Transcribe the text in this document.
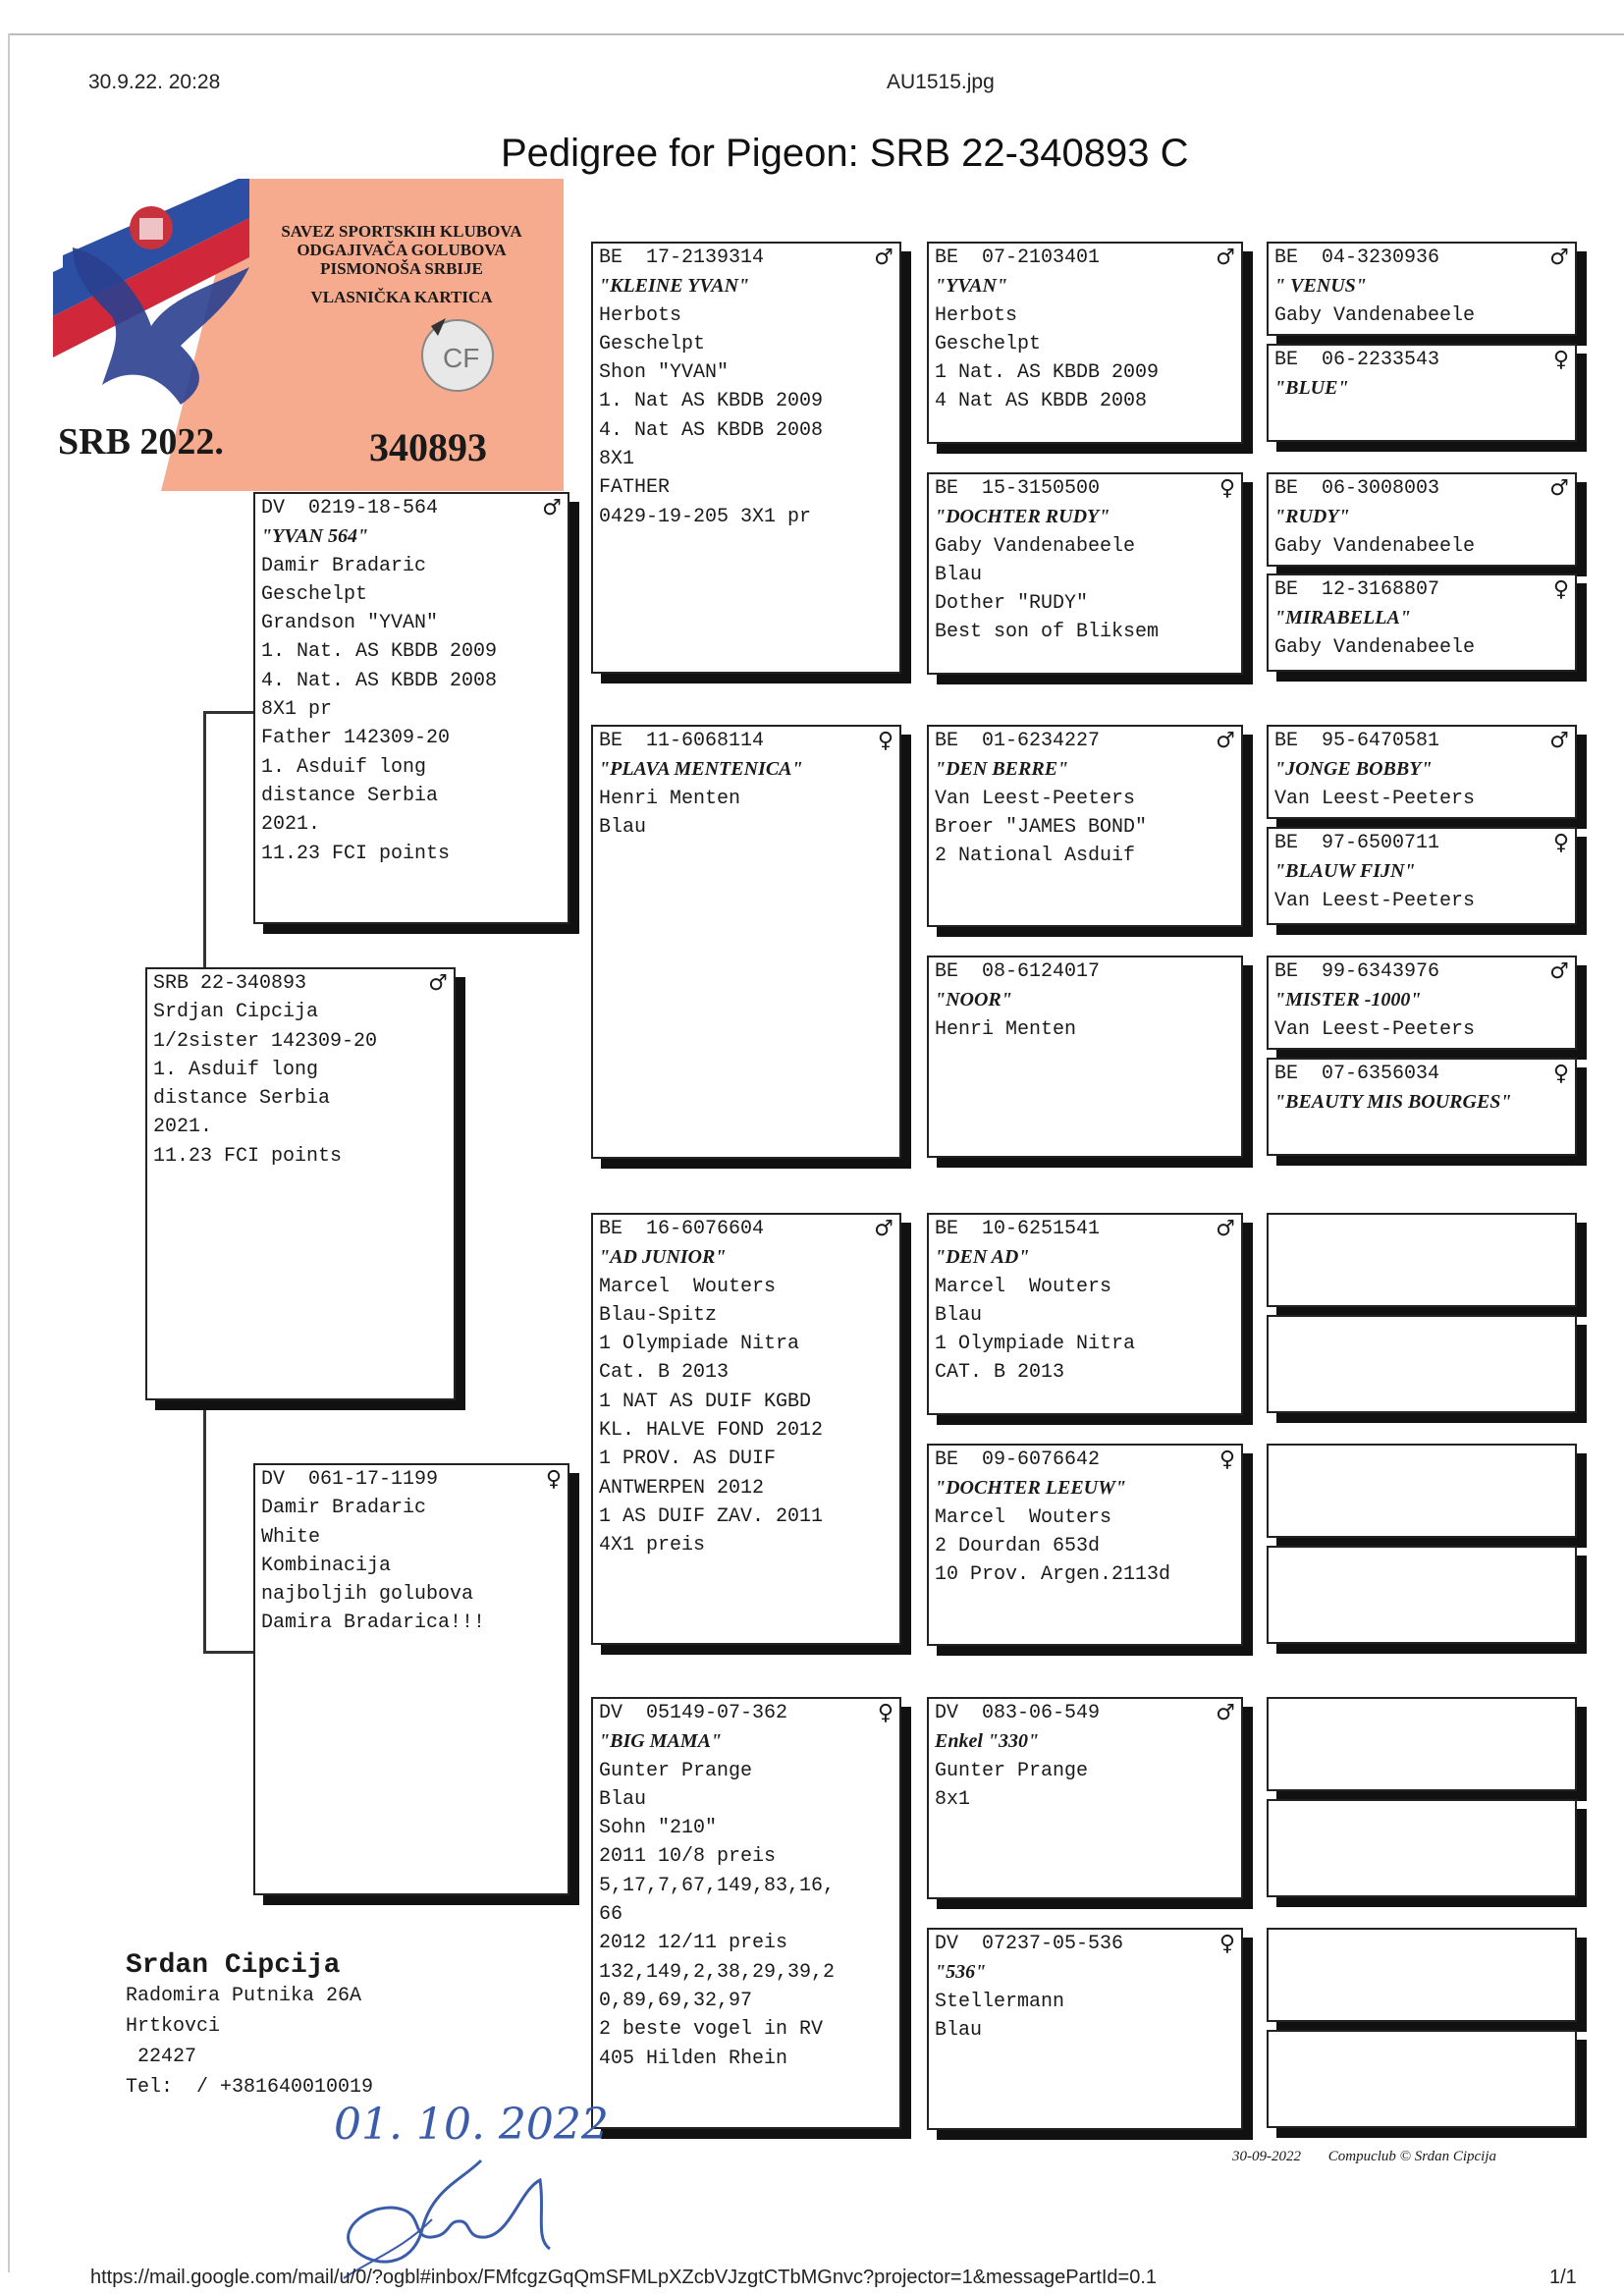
30.9.22. 20:28	AU1515.jpg
Pedigree for Pigeon: SRB 22-340893 C
CF
SAVEZ SPORTSKIH KLUBOVA
ODGAJIVAČA GOLUBOVA
PISMONOŠA SRBIJE
VLASNIČKA KARTICA
SRB 2022.	340893
SRB 22-340893	♂
Srdjan Cipcija
1/2sister 142309-20
1. Asduif long
distance Serbia
2021.
11.23 FCI points
DV  0219-18-564	♂
"YVAN 564"
Damir Bradaric
Geschelpt
Grandson "YVAN"
1. Nat. AS KBDB 2009
4. Nat. AS KBDB 2008
8X1 pr
Father 142309-20
1. Asduif long
distance Serbia
2021.
11.23 FCI points
DV  061-17-1199	♀
Damir Bradaric
White
Kombinacija
najboljih golubova
Damira Bradarica!!!
BE  17-2139314	♂
"KLEINE YVAN"
Herbots
Geschelpt
Shon "YVAN"
1. Nat AS KBDB 2009
4. Nat AS KBDB 2008
8X1
FATHER
0429-19-205 3X1 pr
BE  11-6068114	♀
"PLAVA MENTENICA"
Henri Menten
Blau
BE  16-6076604	♂
"AD JUNIOR"
Marcel  Wouters
Blau-Spitz
1 Olympiade Nitra
Cat. B 2013
1 NAT AS DUIF KGBD
KL. HALVE FOND 2012
1 PROV. AS DUIF
ANTWERPEN 2012
1 AS DUIF ZAV. 2011
4X1 preis
DV  05149-07-362	♀
"BIG MAMA"
Gunter Prange
Blau
Sohn "210"
2011 10/8 preis
5,17,7,67,149,83,16,
66
2012 12/11 preis
132,149,2,38,29,39,2
0,89,69,32,97
2 beste vogel in RV
405 Hilden Rhein
BE  07-2103401	♂
"YVAN"
Herbots
Geschelpt
1 Nat. AS KBDB 2009
4 Nat AS KBDB 2008
BE  15-3150500	♀
"DOCHTER RUDY"
Gaby Vandenabeele
Blau
Dother "RUDY"
Best son of Bliksem
BE  01-6234227	♂
"DEN BERRE"
Van Leest-Peeters
Broer "JAMES BOND"
2 National Asduif
BE  08-6124017
"NOOR"
Henri Menten
BE  10-6251541	♂
"DEN AD"
Marcel  Wouters
Blau
1 Olympiade Nitra
CAT. B 2013
BE  09-6076642	♀
"DOCHTER LEEUW"
Marcel  Wouters
2 Dourdan 653d
10 Prov. Argen.2113d
DV  083-06-549	♂
Enkel "330"
Gunter Prange
8x1
DV  07237-05-536	♀
"536"
Stellermann
Blau
BE  04-3230936	♂
" VENUS"
Gaby Vandenabeele
BE  06-2233543	♀
"BLUE"
BE  06-3008003	♂
"RUDY"
Gaby Vandenabeele
BE  12-3168807	♀
"MIRABELLA"
Gaby Vandenabeele
BE  95-6470581	♂
"JONGE BOBBY"
Van Leest-Peeters
BE  97-6500711	♀
"BLAUW FIJN"
Van Leest-Peeters
BE  99-6343976	♂
"MISTER -1000"
Van Leest-Peeters
BE  07-6356034	♀
"BEAUTY MIS BOURGES"
Srdan Cipcija
Radomira Putnika 26A
Hrtkovci
22427
Tel:  / +381640010019
01. 10. 2022
30-09-2022 Compuclub © Srdan Cipcija
https://mail.google.com/mail/u/0/?ogbl#inbox/FMfcgzGqQmSFMLpXZcbVJzgtCTbMGnvc?projector=1&messagePartId=0.1	1/1
